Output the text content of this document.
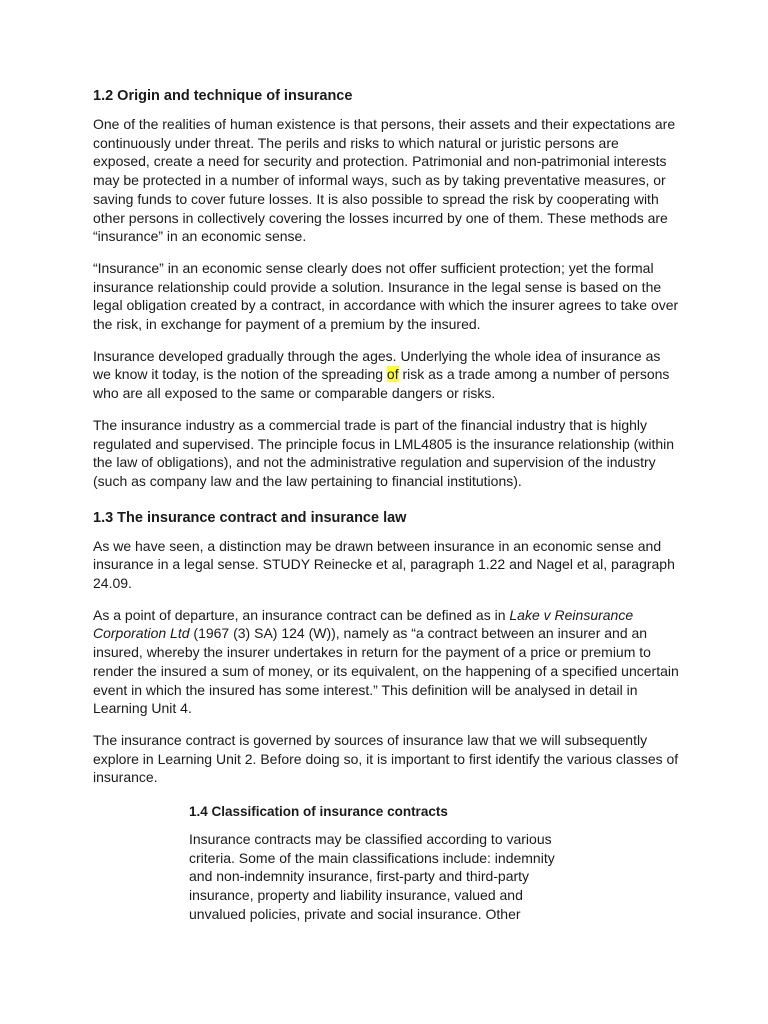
1.2 Origin and technique of insurance

One of the realities of human existence is that persons, their assets and their expectations are continuously under threat. The perils and risks to which natural or juristic persons are exposed, create a need for security and protection. Patrimonial and non-patrimonial interests may be protected in a number of informal ways, such as by taking preventative measures, or saving funds to cover future losses. It is also possible to spread the risk by cooperating with other persons in collectively covering the losses incurred by one of them. These methods are “insurance” in an economic sense.

“Insurance” in an economic sense clearly does not offer sufficient protection; yet the formal insurance relationship could provide a solution. Insurance in the legal sense is based on the legal obligation created by a contract, in accordance with which the insurer agrees to take over the risk, in exchange for payment of a premium by the insured.

Insurance developed gradually through the ages. Underlying the whole idea of insurance as we know it today, is the notion of the spreading of risk as a trade among a number of persons who are all exposed to the same or comparable dangers or risks.

The insurance industry as a commercial trade is part of the financial industry that is highly regulated and supervised. The principle focus in LML4805 is the insurance relationship (within the law of obligations), and not the administrative regulation and supervision of the industry (such as company law and the law pertaining to financial institutions).

1.3 The insurance contract and insurance law

As we have seen, a distinction may be drawn between insurance in an economic sense and insurance in a legal sense. STUDY Reinecke et al, paragraph 1.22 and Nagel et al, paragraph 24.09.

As a point of departure, an insurance contract can be defined as in Lake v Reinsurance Corporation Ltd (1967 (3) SA) 124 (W)), namely as “a contract between an insurer and an insured, whereby the insurer undertakes in return for the payment of a price or premium to render the insured a sum of money, or its equivalent, on the happening of a specified uncertain event in which the insured has some interest.” This definition will be analysed in detail in Learning Unit 4.

The insurance contract is governed by sources of insurance law that we will subsequently explore in Learning Unit 2. Before doing so, it is important to first identify the various classes of insurance.

1.4 Classification of insurance contracts

Insurance contracts may be classified according to various criteria. Some of the main classifications include: indemnity and non-indemnity insurance, first-party and third-party insurance, property and liability insurance, valued and unvalued policies, private and social insurance. Other
